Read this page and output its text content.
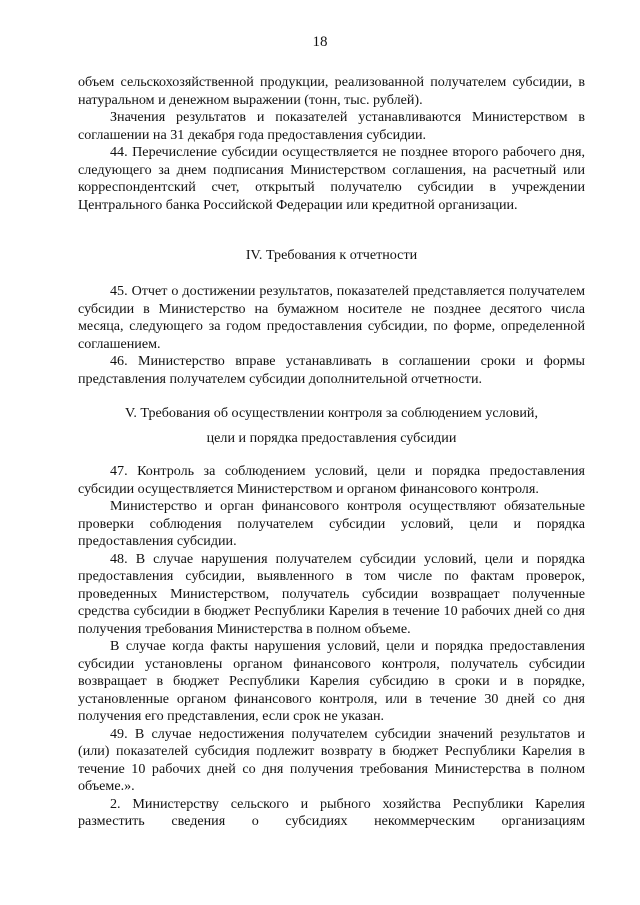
18

объем сельскохозяйственной продукции, реализованной получателем субсидии, в натуральном и денежном выражении (тонн, тыс. рублей).

Значения результатов и показателей устанавливаются Министерством в соглашении на 31 декабря года предоставления субсидии.

44. Перечисление субсидии осуществляется не позднее второго рабочего дня, следующего за днем подписания Министерством соглашения, на расчетный или корреспондентский счет, открытый получателю субсидии в учреждении Центрального банка Российской Федерации или кредитной организации.

IV. Требования к отчетности

45. Отчет о достижении результатов, показателей представляется получателем субсидии в Министерство на бумажном носителе не позднее десятого числа месяца, следующего за годом предоставления субсидии, по форме, определенной соглашением.

46. Министерство вправе устанавливать в соглашении сроки и формы представления получателем субсидии дополнительной отчетности.

V. Требования об осуществлении контроля за соблюдением условий,
цели и порядка предоставления субсидии

47. Контроль за соблюдением условий, цели и порядка предоставления субсидии осуществляется Министерством и органом финансового контроля.

Министерство и орган финансового контроля осуществляют обязательные проверки соблюдения получателем субсидии условий, цели и порядка предоставления субсидии.

48. В случае нарушения получателем субсидии условий, цели и порядка предоставления субсидии, выявленного в том числе по фактам проверок, проведенных Министерством, получатель субсидии возвращает полученные средства субсидии в бюджет Республики Карелия в течение 10 рабочих дней со дня получения требования Министерства в полном объеме.

В случае когда факты нарушения условий, цели и порядка предоставления субсидии установлены органом финансового контроля, получатель субсидии возвращает в бюджет Республики Карелия субсидию в сроки и в порядке, установленные органом финансового контроля, или в течение 30 дней со дня получения его представления, если срок не указан.

49. В случае недостижения получателем субсидии значений результатов и (или) показателей субсидия подлежит возврату в бюджет Республики Карелия в течение 10 рабочих дней со дня получения требования Министерства в полном объеме.».

2. Министерству сельского и рыбного хозяйства Республики Карелия разместить сведения о субсидиях некоммерческим организациям
